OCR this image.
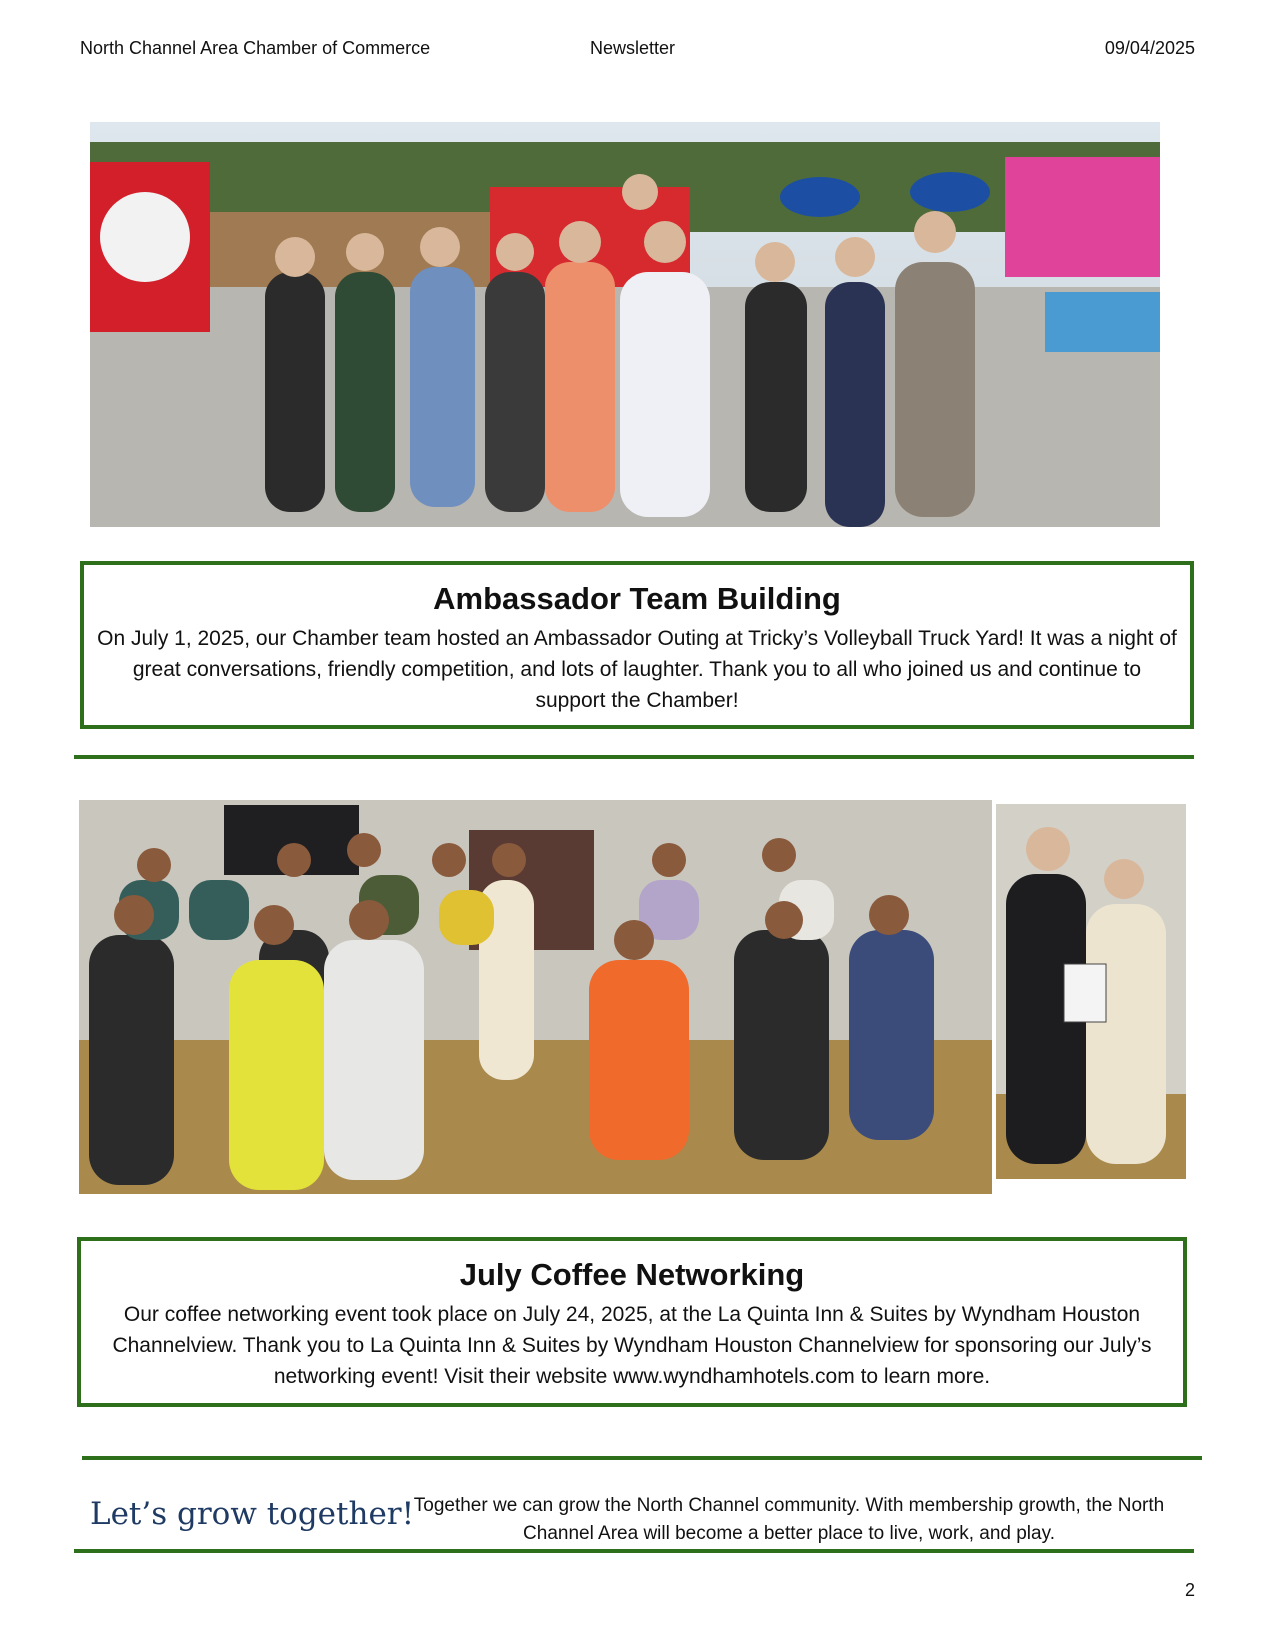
North Channel Area Chamber of Commerce	Newsletter	09/04/2025
Ambassador Team Building

On July 1, 2025, our Chamber team hosted an Ambassador Outing at Tricky’s Volleyball Truck Yard! It was a night of great conversations, friendly competition, and lots of laughter. Thank you to all who joined us and continue to support the Chamber!

July Coffee Networking

Our coffee networking event took place on July 24, 2025, at the La Quinta Inn & Suites by Wyndham Houston Channelview. Thank you to La Quinta Inn & Suites by Wyndham Houston Channelview for sponsoring our July’s networking event! Visit their website www.wyndhamhotels.com to learn more.

Let’s grow together! Together we can grow the North Channel community. With membership growth, the North Channel Area will become a better place to live, work, and play.
2
